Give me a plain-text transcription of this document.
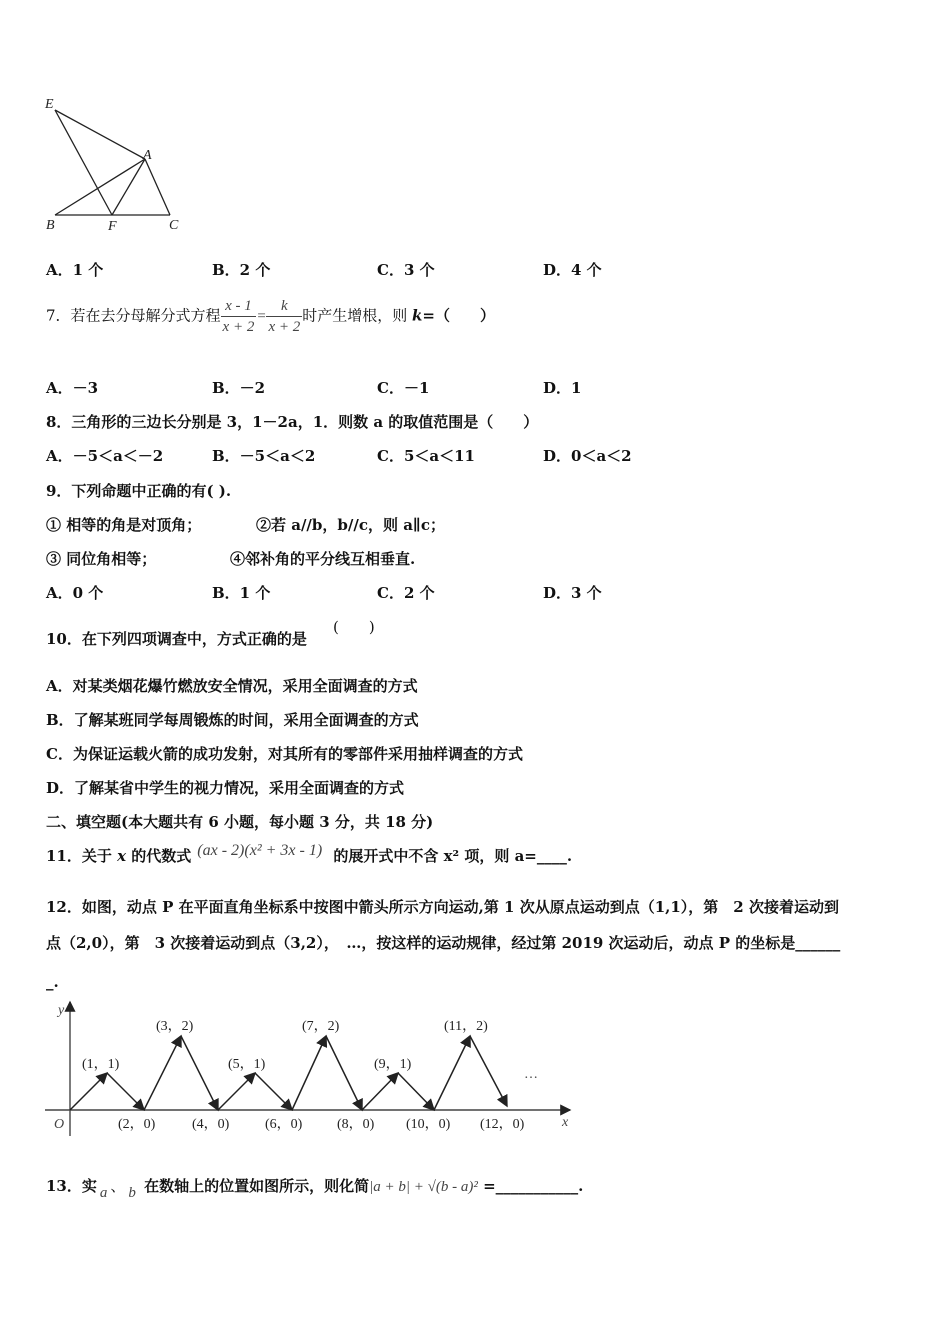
E
A
B	F	C
A．1 个	B．2 个	C．3 个	D．4 个
7．若在去分母解分式方程 $\frac{x - 1}{x + 2} = \frac{k}{x + 2}$ 时产生增根，则 k=（　　）
A．－3	B．－2	C．－1	D．1
8．三角形的三边长分别是 3，1－2a，1．则数 a 的取值范围是（　　）
A．－5＜a＜－2	B．－5＜a＜2	C．5＜a＜11	D．0＜a＜2
9．下列命题中正确的有( ).
① 相等的角是对顶角；	②若 a//b，b//c，则 a∥c；
③ 同位角相等；	④邻补角的平分线互相垂直.
A．0 个	B．1 个	C．2 个	D．3 个
10．在下列四项调查中，方式正确的是
(　　)
A．对某类烟花爆竹燃放安全情况，采用全面调查的方式
B．了解某班同学每周锻炼的时间，采用全面调查的方式
C．为保证运载火箭的成功发射，对其所有的零部件采用抽样调查的方式
D．了解某省中学生的视力情况，采用全面调查的方式
二、填空题(本大题共有 6 小题，每小题 3 分，共 18 分)
11．关于 x 的代数式 (ax - 2)(x² + 3x - 1) 的展开式中不含 x² 项，则 a=____.
12．如图，动点 P 在平面直角坐标系中按图中箭头所示方向运动,第 1 次从原点运动到点（1,1），第　2 次接着运动到
点（2,0），第　3 次接着运动到点（3,2），　…，按这样的运动规律，经过第 2019 次运动后，动点 P 的坐标是______
_.
y
x
O
…
(1，1)
(3，2)
(5，1)
(7，2)
(9，1)
(11，2)
(2，0)	(4，0)	(6，0) (8，0) (10，0) (12，0)
13．实 a 、 b 在数轴上的位置如图所示，则化简|a + b| + √(b - a)² =___________.
